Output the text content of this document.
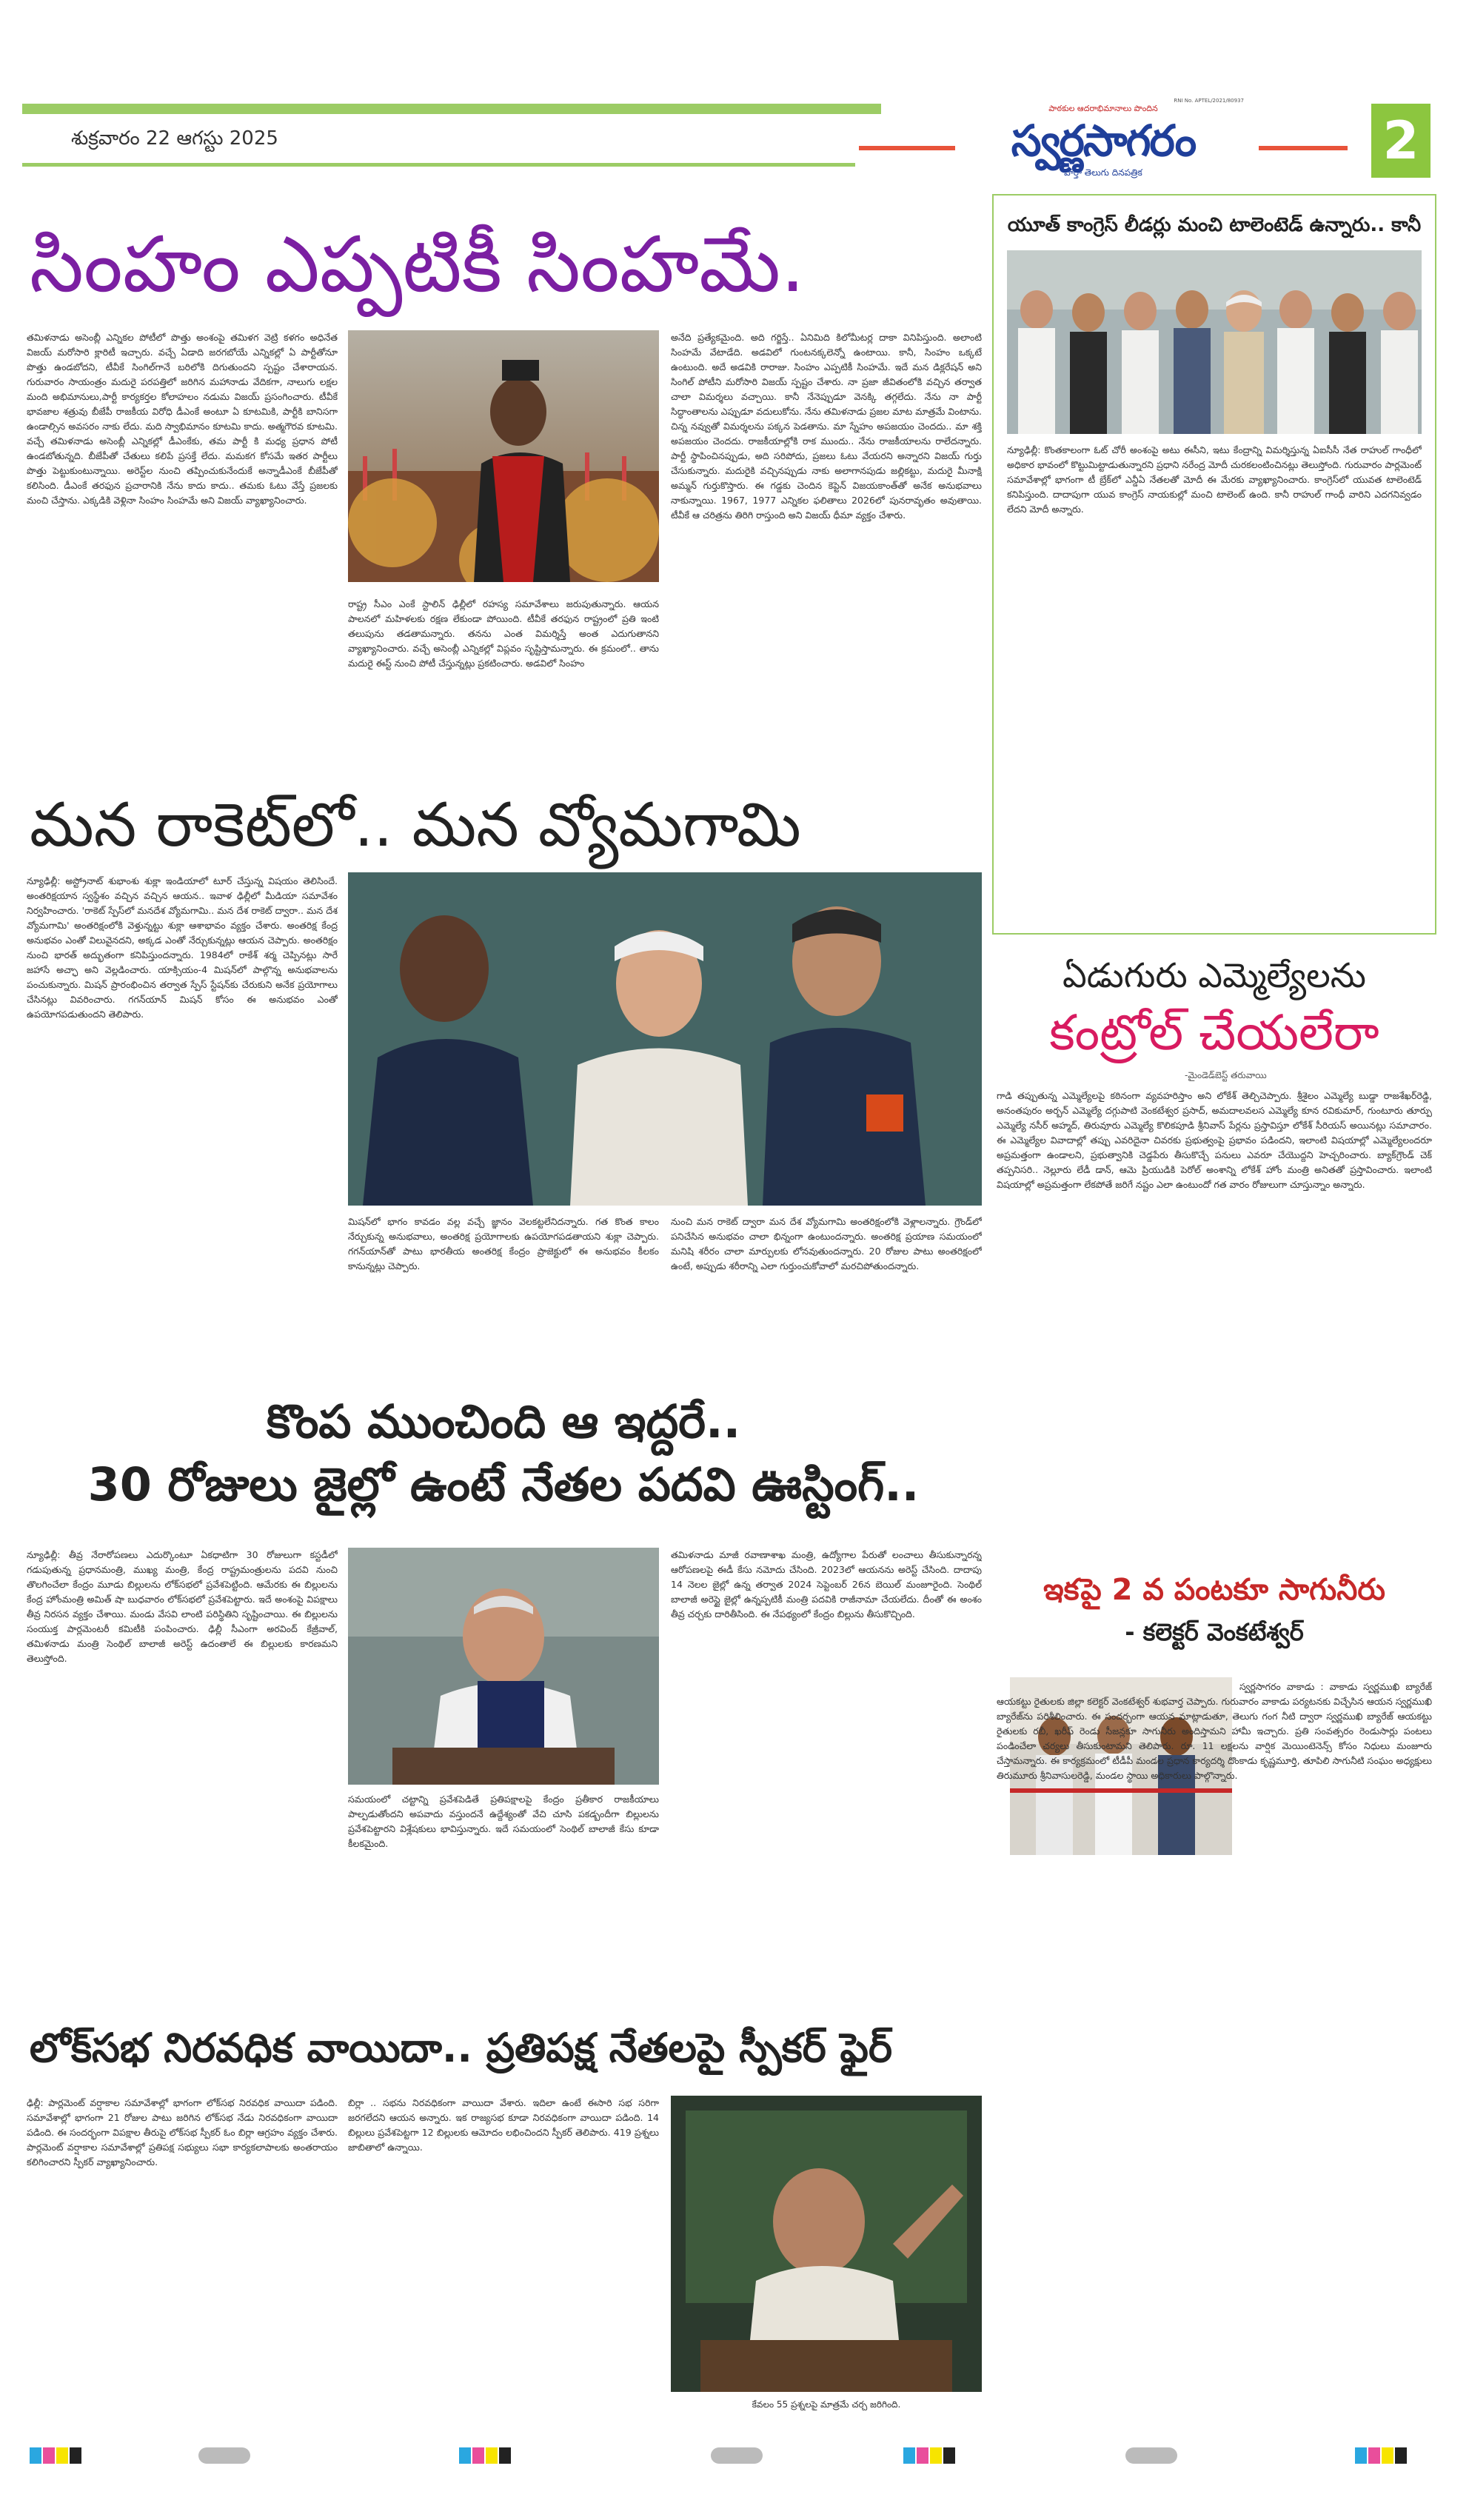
శుక్రవారం 22 ఆగస్టు 2025
పాఠకుల ఆదరాభిమానాలు పొందిన
స్వర్ణసాగరం
వార్తా తెలుగు దినపత్రిక
RNI No. APTEL/2021/80937
2
సింహం ఎప్పటికీ సింహమే.
తమిళనాడు అసెంబ్లీ ఎన్నికల పోటీలో పొత్తు అంశంపై తమిళగ వెట్రి కళగం అధినేత విజయ్ మరోసారి క్లారిటీ ఇచ్చారు. వచ్చే ఏడాది జరగబోయే ఎన్నికల్లో ఏ పార్టీతోనూ పొత్తు ఉండబోదని, టీవీకే సింగిల్‌గానే బరిలోకి దిగుతుందని స్పష్టం చేశారాయన. గురువారం సాయంత్రం మదురై పరపత్తిలో జరిగిన మహానాడు వేదికగా, నాలుగు లక్షల మంది అభిమానులు,పార్టీ కార్యకర్తల కోలాహలం నడుమ విజయ్ ప్రసంగించారు. టీవీకే భావజాల శత్రువు బీజేపీ రాజకీయ విరోధి డీఎంకే అంటూ ఏ కూటమికి, పార్టీకి బానిసగా ఉండాల్సిన అవసరం నాకు లేదు. మది స్వాభిమానం కూటమి కాదు. అత్మగౌరవ కూటమి. వచ్చే తమిళనాడు అసెంబ్లీ ఎన్నికల్లో డీఎంకేకు, తమ పార్టీ కి మధ్య ప్రధాన పోటీ ఉండబోతున్నది. బీజేపీతో చేతులు కలిపే ప్రసక్తే లేదు. మమకగ కోసమే ఇతర పార్టీలు పొత్తు పెట్టుకుంటున్నాయి. అరెస్ట్‌ల నుంచి తప్పించుకునేందుకే అన్నాడీఎంకే బీజేపీతో కలిసింది. డీఎంకే తరఫున ప్రచారానికి నేను కాదు కాదు.. తమకు ఓటు వేస్తే ప్రజలకు మంచి చేస్తాను. ఎక్కడికి వెళ్లినా సింహం సింహమే అని విజయ్ వ్యాఖ్యానించారు.
రాష్ట్ర సీఎం ఎంకే స్టాలిన్ ఢిల్లీలో రహస్య సమావేశాలు జరుపుతున్నారు. ఆయన పాలనలో మహిళలకు రక్షణ లేకుండా పోయింది. టీవీకే తరఫున రాష్ట్రంలో ప్రతి ఇంటి తలుపును తడతామన్నారు. తనను ఎంత విమర్శిస్తే అంత ఎదుగుతానని వ్యాఖ్యానించారు. వచ్చే అసెంబ్లీ ఎన్నికల్లో విప్లవం సృష్టిస్తామన్నారు. ఈ క్రమంలో.. తాను మదురై ఈస్ట్ నుంచి పోటీ చేస్తున్నట్లు ప్రకటించారు. అడవిలో సింహం
అనేది ప్రత్యేకమైంది. అది గర్జిస్తే.. ఏనిమిది కిలోమీటర్ల దాకా వినిపిస్తుంది. అలాంటి సింహమే వేటాడేది. అడవిలో గుంటనక్కలెన్నో ఉంటాయి. కానీ, సింహం ఒక్కటే ఉంటుంది. అదే అడవికి రారాజు. సింహం ఎప్పటికీ సింహమే. ఇదే మన డిక్లరేషన్ అని సింగిల్ పోటీని మరోసారి విజయ్ స్పష్టం చేశారు. నా ప్రజా జీవితంలోకి వచ్చిన తర్వాత చాలా విమర్శలు వచ్చాయి. కానీ నేనెప్పుడూ వెనక్కి తగ్గలేదు. నేను నా పార్టీ సిద్ధాంతాలను ఎప్పుడూ వదులుకోను. నేను తమిళనాడు ప్రజల మాట మాత్రమే వింటాను. చిన్న నవ్వుతో విమర్శలను పక్కన పెడతాను. మా స్నేహం అపజయం చెందదు.. మా శక్తి అపజయం చెందదు. రాజకీయాల్లోకి రాక ముందు.. నేను రాజకీయాలను రాలేదన్నారు. పార్టీ స్థాపించినప్పుడు, అది సరిపోదు, ప్రజలు ఓటు వేయరని అన్నారని విజయ్ గుర్తు చేసుకున్నారు. మదురైకి వచ్చినప్పుడు నాకు అలాగానపుడు జల్లికట్టు, మదురై మీనాక్షి అమ్మన్ గుర్తుకొస్తారు. ఈ గడ్డకు చెందిన కెప్టెన్ విజయకాంత్‌తో అనేక అనుభవాలు నాకున్నాయి. 1967, 1977 ఎన్నికల ఫలితాలు 2026లో పునరావృతం అవుతాయి. టీవీకే ఆ చరిత్రను తిరిగి రాస్తుంది అని విజయ్ ధీమా వ్యక్తం చేశారు.
మన రాకెట్‌లో.. మన వ్యోమగామి
న్యూఢిల్లీ: అస్ట్రోనాట్ శుభాంశు శుక్లా ఇండియాలో టూర్ చేస్తున్న విషయం తెలిసిందే. అంతరిక్షయాన స్వస్థేశం వచ్చిన వచ్చిన ఆయన.. ఇవాళ ఢిల్లీలో మీడియా సమావేశం నిర్వహించారు. 'రాకెట్ స్పేస్‌లో మనదేశ వ్యోమగామి.. మన దేశ రాకెట్ ద్వారా.. మన దేశ వ్యోమగామి' అంతరిక్షంలోకి వెళ్తున్నట్టు శుక్లా ఆశాభావం వ్యక్తం చేశారు. అంతరిక్ష కేంద్ర అనుభవం ఎంతో విలువైనదని, అక్కడ ఎంతో నేర్చుకున్నట్లు ఆయన చెప్పారు. అంతరిక్షం నుంచి భారత్ అద్భుతంగా కనిపిస్తుందన్నారు. 1984లో రాకేశ్ శర్మ చెప్పినట్లు సారే జహాసే అచ్ఛా అని వెల్లడించారు. యాక్సియం-4 మిషన్‌లో పాల్గొన్న అనుభవాలను పంచుకున్నారు. మిషన్ ప్రారంభించిన తర్వాత స్పేస్ స్టేషన్‌కు చేరుకుని అనేక ప్రయోగాలు చేసినట్లు వివరించారు. గగన్‌యాన్ మిషన్ కోసం ఈ అనుభవం ఎంతో ఉపయోగపడుతుందని తెలిపారు.
మిషన్‌లో భాగం కావడం వల్ల వచ్చే జ్ఞానం వెలకట్టలేనిదన్నారు. గత కొంత కాలం నేర్చుకున్న అనుభవాలు, అంతరిక్ష ప్రయోగాలకు ఉపయోగపడతాయని శుక్లా చెప్పారు. గగన్‌యాన్‌తో పాటు భారతీయ అంతరిక్ష కేంద్రం ప్రాజెక్టులో ఈ అనుభవం కీలకం కానున్నట్లు చెప్పారు.
నుంచి మన రాకెట్ ద్వారా మన దేశ వ్యోమగామి అంతరిక్షంలోకి వెళ్లాలన్నారు. గ్రౌండ్‌లో పనిచేసిన అనుభవం చాలా భిన్నంగా ఉంటుందన్నారు. అంతరిక్ష ప్రయాణ సమయంలో మనిషి శరీరం చాలా మార్పులకు లోనవుతుందన్నారు. 20 రోజుల పాటు అంతరిక్షంలో ఉంటే, అప్పుడు శరీరాన్ని ఎలా గుర్తుంచుకోవాలో మరచిపోతుందన్నారు.
కొంప ముంచింది ఆ ఇద్దరే..
30 రోజులు జైల్లో ఉంటే నేతల పదవి ఊస్టింగ్..
న్యూఢిల్లీ: తీవ్ర నేరారోపణలు ఎదుర్కొంటూ ఏకధాటిగా 30 రోజులుగా కస్టడీలో గడుపుతున్న ప్రధానమంత్రి, ముఖ్య మంత్రి, కేంద్ర రాష్ట్రమంత్రులను పదవి నుంచి తొలగించేలా కేంద్రం మూడు బిల్లులను లోక్‌సభలో ప్రవేశపెట్టింది. ఆమేరకు ఈ బిల్లులను కేంద్ర హోంమంత్రి అమిత్ షా బుధవారం లోక్‌సభలో ప్రవేశపెట్టారు. ఇదే అంశంపై విపక్షాలు తీవ్ర నిరసన వ్యక్తం చేశాయి. మండు వేసవి లాంటి పరిస్థితిని సృష్టించాయి. ఈ బిల్లులను సంయుక్త పార్లమెంటరీ కమిటీకి పంపించారు. ఢిల్లీ సీఎంగా అరవింద్ కేజ్రీవాల్, తమిళనాడు మంత్రి సెంథిల్ బాలాజీ అరెస్ట్ ఉదంతాలే ఈ బిల్లులకు కారణమని తెలుస్తోంది.
సమయంలో చట్టాన్ని ప్రవేశపెడితే ప్రతిపక్షాలపై కేంద్రం ప్రతీకార రాజకీయాలు పాల్పడుతోందని అపవాదు వస్తుందనే ఉద్దేశ్యంతో వేచి చూసి పకడ్బందీగా బిల్లులను ప్రవేశపెట్టారని విశ్లేషకులు భావిస్తున్నారు. ఇదే సమయంలో సెంథిల్ బాలాజీ కేసు కూడా కీలకమైంది.
తమిళనాడు మాజీ రవాణాశాఖ మంత్రి, ఉద్యోగాల పేరుతో లంచాలు తీసుకున్నారన్న ఆరోపణలపై ఈడీ కేసు నమోదు చేసింది. 2023లో ఆయనను అరెస్ట్ చేసింది. దాదాపు 14 నెలల జైల్లో ఉన్న తర్వాత 2024 సెప్టెంబర్ 26న బెయిల్ మంజూరైంది. సెంథిల్ బాలాజీ అరెస్టై జైల్లో ఉన్నప్పటికీ మంత్రి పదవికి రాజీనామా చేయలేదు. దీంతో ఈ అంశం తీవ్ర చర్చకు దారితీసింది. ఈ నేపథ్యంలో కేంద్రం బిల్లును తీసుకొచ్చింది.
లోక్‌సభ నిరవధిక వాయిదా.. ప్రతిపక్ష నేతలపై స్పీకర్ ఫైర్
ఢిల్లీ: పార్లమెంట్ వర్షాకాల సమావేశాల్లో భాగంగా లోక్‌సభ నిరవధిక వాయిదా పడింది. సమావేశాల్లో భాగంగా 21 రోజుల పాటు జరిగిన లోక్‌సభ నేడు నిరవధికంగా వాయిదా పడింది. ఈ సందర్భంగా విపక్షాల తీరుపై లోక్‌సభ స్పీకర్ ఓం బిర్లా ఆగ్రహం వ్యక్తం చేశారు. పార్లమెంట్ వర్షాకాల సమావేశాల్లో ప్రతిపక్ష సభ్యులు సభా కార్యకలాపాలకు అంతరాయం కలిగించారని స్పీకర్ వ్యాఖ్యానించారు.
బిర్లా .. సభను నిరవధికంగా వాయిదా వేశారు. ఇదిలా ఉంటే ఈసారి సభ సరిగా జరగలేదని ఆయన అన్నారు. ఇక రాజ్యసభ కూడా నిరవధికంగా వాయిదా పడింది. 14 బిల్లులు ప్రవేశపెట్టగా 12 బిల్లులకు ఆమోదం లభించిందని స్పీకర్ తెలిపారు. 419 ప్రశ్నలు జాబితాలో ఉన్నాయి.
కేవలం 55 ప్రశ్నలపై మాత్రమే చర్చ జరిగింది.
యూత్ కాంగ్రెస్ లీడర్లు మంచి టాలెంటెడ్ ఉన్నారు.. కానీ
న్యూఢిల్లీ: కొంతకాలంగా ఓట్ చోరీ అంశంపై అటు ఈసీని, ఇటు కేంద్రాన్ని విమర్శిస్తున్న ఏఐసీసీ నేత రాహుల్ గాంధీలో అధికార భావంలో కొట్టుమిట్టాడుతున్నారని ప్రధాని నరేంద్ర మోదీ చురకలంటించినట్లు తెలుస్తోంది. గురువారం పార్లమెంట్ సమావేశాల్లో భాగంగా టీ బ్రేక్‌లో ఎన్డీఏ నేతలతో మోదీ ఈ మేరకు వ్యాఖ్యానించారు. కాంగ్రెస్‌లో యువత టాలెంటెడ్ కనిపిస్తుంది. దాదాపుగా యువ కాంగ్రెస్ నాయకుల్లో మంచి టాలెంట్ ఉంది. కానీ రాహుల్ గాంధీ వారిని ఎదగనివ్వడం లేదని మోదీ అన్నారు.
ఏడుగురు ఎమ్మెల్యేలను
కంట్రోల్ చేయలేరా
-మైండెడ్‌బెస్ట్ తరువాయి
గాడి తప్పుతున్న ఎమ్మెల్యేలపై కఠినంగా వ్యవహరిస్తాం అని లోకేశ్ తెల్చిచెప్పారు. శ్రీశైలం ఎమ్మెల్యే బుడ్డా రాజశేఖర్‌రెడ్డి, అనంతపురం అర్బన్ ఎమ్మెల్యే దగ్గుపాటి వెంకటేశ్వర ప్రసాద్, అమదాలవలస ఎమ్మెల్యే కూన రవికుమార్, గుంటూరు తూర్పు ఎమ్మెల్యే నసీర్ అహ్మద్, తిరువూరు ఎమ్మెల్యే కొలికపూడి శ్రీనివాస్ పేర్లను ప్రస్తావిస్తూ లోకేశ్ సీరియస్ అయినట్లు సమాచారం. ఈ ఎమ్మెల్యేల వివాదాల్లో తప్పు ఎవరిదైనా చివరకు ప్రభుత్వంపై ప్రభావం పడిందని, ఇలాంటి విషయాల్లో ఎమ్మెల్యేలందరూ అప్రమత్తంగా ఉండాలని, ప్రభుత్వానికి చెడ్డపేరు తీసుకొచ్చే పనులు ఎవరూ చేయొద్దని హెచ్చరించారు. బ్యాక్‌గ్రౌండ్ చెక్ తప్పనిసరి.. నెల్లూరు లేడీ డాన్, ఆమె ప్రియుడికి పెరోల్ అంశాన్ని లోకేశ్ హోం మంత్రి అనితతో ప్రస్తావించారు. ఇలాంటి విషయాల్లో అప్రమత్తంగా లేకపోతే జరిగే నష్టం ఎలా ఉంటుందో గత వారం రోజులుగా చూస్తున్నాం అన్నారు.
ఇకపై 2 వ పంటకూ సాగునీరు
- కలెక్టర్ వెంకటేశ్వర్
స్వర్ణసాగరం వాకాడు : వాకాడు స్వర్ణముఖి బ్యారేజ్ ఆయకట్టు రైతులకు జిల్లా కలెక్టర్ వెంకటేశ్వర్ శుభవార్త చెప్పారు. గురువారం వాకాడు పర్యటనకు విచ్చేసిన ఆయన స్వర్ణముఖి బ్యారేజ్‌ను పరిశీలించారు. ఈ సందర్భంగా ఆయన మాట్లాడుతూ, తెలుగు గంగ నీటి ద్వారా స్వర్ణముఖి బ్యారేజ్ ఆయకట్టు రైతులకు రబీ, ఖరీఫ్ రెండు సీజన్లకూ సాగునీరు అందిస్తామని హామీ ఇచ్చారు. ప్రతి సంవత్సరం రెండుసార్లు పంటలు పండించేలా చర్యలు తీసుకుంటామని తెలిపారు. రూ. 11 లక్షలను వార్షిక మెయింటెనెన్స్ కోసం నిధులు మంజూరు చేస్తామన్నారు. ఈ కార్యక్రమంలో టీడీపీ మండల ప్రధాన కార్యదర్శి దొంకాడు కృష్ణమూర్తి, తూపిలి సాగునీటి సంఘం అధ్యక్షులు తిరుమూరు శ్రీనివాసులరెడ్డి, మండల స్థాయి అధికారులు పాల్గొన్నారు.
